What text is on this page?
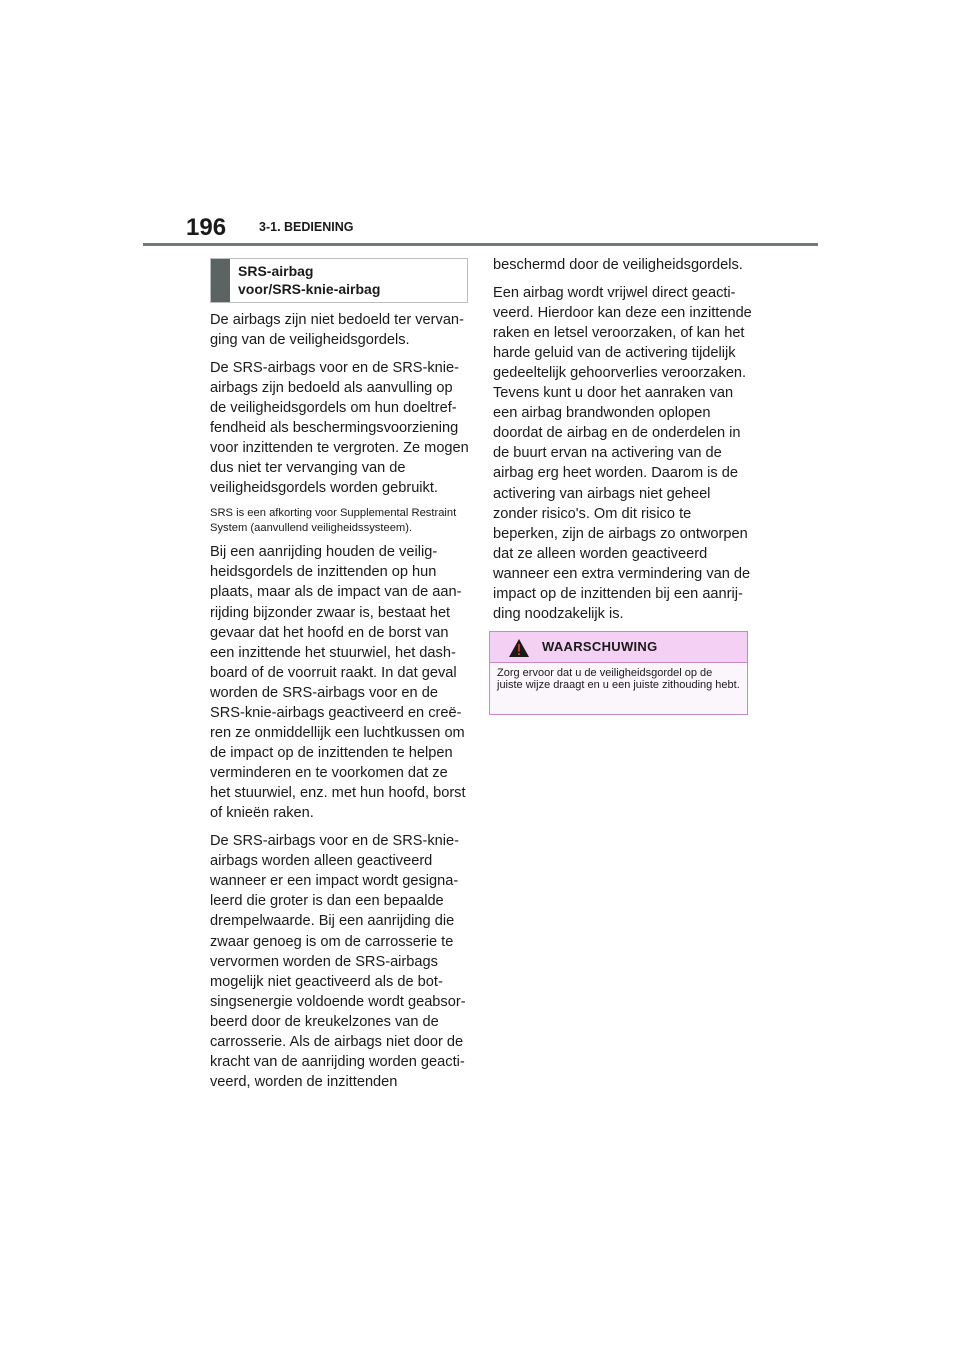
196	3-1. BEDIENING
SRS-airbag
voor/SRS-knie-airbag

De airbags zijn niet bedoeld ter vervanging van de veiligheidsgordels.

De SRS-airbags voor en de SRS-knieairbags zijn bedoeld als aanvulling op de veiligheidsgordels om hun doeltreffendheid als beschermingsvoorziening voor inzittenden te vergroten. Ze mogen dus niet ter vervanging van de veiligheidsgordels worden gebruikt.

SRS is een afkorting voor Supplemental Restraint System (aanvullend veiligheidssysteem).

Bij een aanrijding houden de veiligheidsgordels de inzittenden op hun plaats, maar als de impact van de aanrijding bijzonder zwaar is, bestaat het gevaar dat het hoofd en de borst van een inzittende het stuurwiel, het dashboard of de voorruit raakt. In dat geval worden de SRS-airbags voor en de SRS-knie-airbags geactiveerd en creëren ze onmiddellijk een luchtkussen om de impact op de inzittenden te helpen verminderen en te voorkomen dat ze het stuurwiel, enz. met hun hoofd, borst of knieën raken.

De SRS-airbags voor en de SRS-knieairbags worden alleen geactiveerd wanneer er een impact wordt gesignaleerd die groter is dan een bepaalde drempelwaarde. Bij een aanrijding die zwaar genoeg is om de carrosserie te vervormen worden de SRS-airbags mogelijk niet geactiveerd als de botsingsenergie voldoende wordt geabsorbeerd door de kreukelzones van de carrosserie. Als de airbags niet door de kracht van de aanrijding worden geactiveerd, worden de inzittenden

beschermd door de veiligheidsgordels.

Een airbag wordt vrijwel direct geactiveerd. Hierdoor kan deze een inzittende raken en letsel veroorzaken, of kan het harde geluid van de activering tijdelijk gedeeltelijk gehoorverlies veroorzaken. Tevens kunt u door het aanraken van een airbag brandwonden oplopen doordat de airbag en de onderdelen in de buurt ervan na activering van de airbag erg heet worden. Daarom is de activering van airbags niet geheel zonder risico's. Om dit risico te beperken, zijn de airbags zo ontworpen dat ze alleen worden geactiveerd wanneer een extra vermindering van de impact op de inzittenden bij een aanrijding noodzakelijk is.

WAARSCHUWING
Zorg ervoor dat u de veiligheidsgordel op de juiste wijze draagt en u een juiste zithouding hebt.
